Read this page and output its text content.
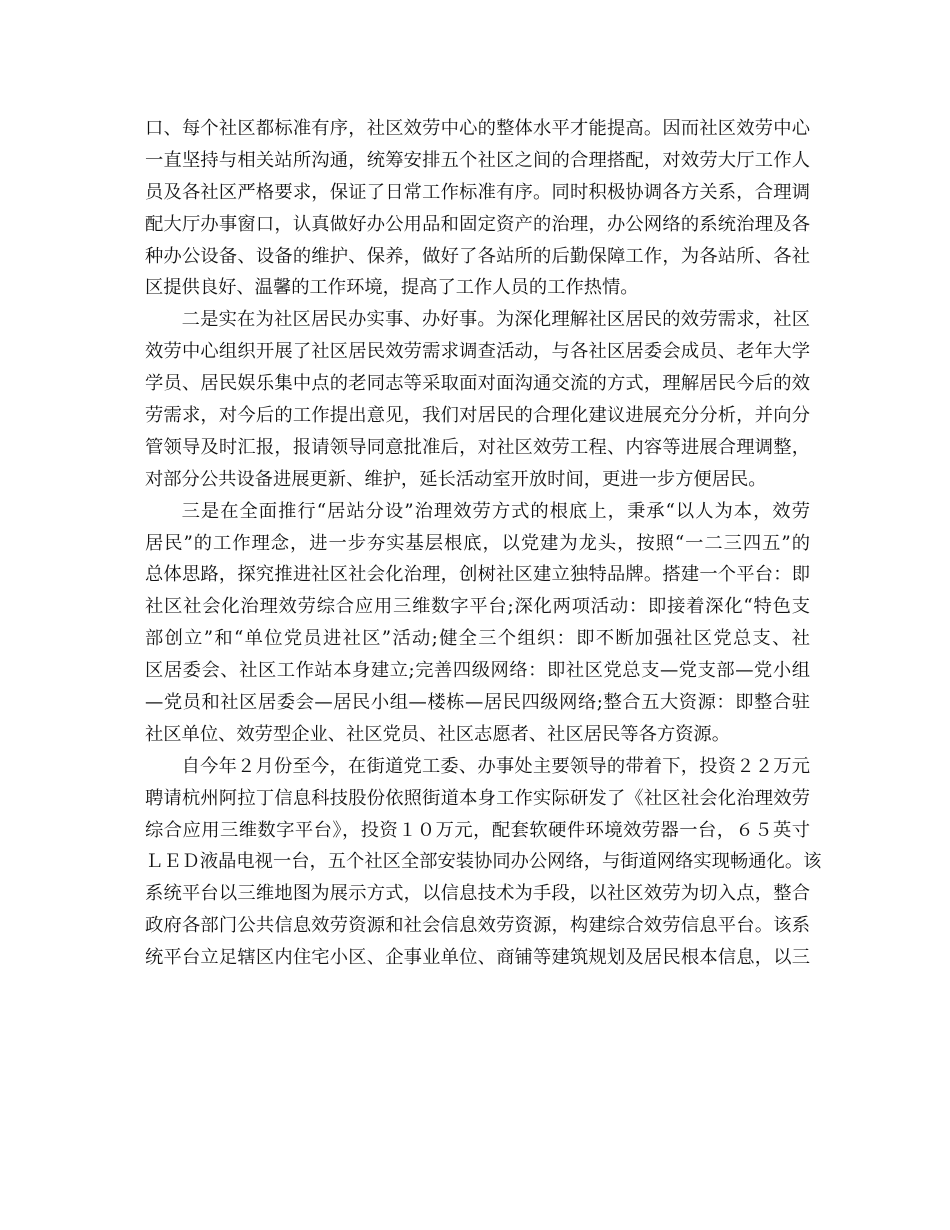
口、每个社区都标准有序，社区效劳中心的整体水平才能提高。因而社区效劳中心
一直坚持与相关站所沟通，统筹安排五个社区之间的合理搭配，对效劳大厅工作人
员及各社区严格要求，保证了日常工作标准有序。同时积极协调各方关系，合理调
配大厅办事窗口，认真做好办公用品和固定资产的治理，办公网络的系统治理及各
种办公设备、设备的维护、保养，做好了各站所的后勤保障工作，为各站所、各社
区提供良好、温馨的工作环境，提高了工作人员的工作热情。
二是实在为社区居民办实事、办好事。为深化理解社区居民的效劳需求，社区
效劳中心组织开展了社区居民效劳需求调查活动，与各社区居委会成员、老年大学
学员、居民娱乐集中点的老同志等采取面对面沟通交流的方式，理解居民今后的效
劳需求，对今后的工作提出意见，我们对居民的合理化建议进展充分分析，并向分
管领导及时汇报，报请领导同意批准后，对社区效劳工程、内容等进展合理调整，
对部分公共设备进展更新、维护，延长活动室开放时间，更进一步方便居民。
三是在全面推行“居站分设”治理效劳方式的根底上，秉承“以人为本，效劳
居民”的工作理念，进一步夯实基层根底，以党建为龙头，按照“一二三四五”的
总体思路，探究推进社区社会化治理，创树社区建立独特品牌。搭建一个平台：即
社区社会化治理效劳综合应用三维数字平台;深化两项活动：即接着深化“特色支
部创立”和“单位党员进社区”活动;健全三个组织：即不断加强社区党总支、社
区居委会、社区工作站本身建立;完善四级网络：即社区党总支—党支部—党小组
—党员和社区居委会—居民小组—楼栋—居民四级网络;整合五大资源：即整合驻
社区单位、效劳型企业、社区党员、社区志愿者、社区居民等各方资源。
自今年２月份至今，在街道党工委、办事处主要领导的带着下，投资２２万元
聘请杭州阿拉丁信息科技股份依照街道本身工作实际研发了《社区社会化治理效劳
综合应用三维数字平台》，投资１０万元，配套软硬件环境效劳器一台，６５英寸
ＬＥＤ液晶电视一台，五个社区全部安装协同办公网络，与街道网络实现畅通化。该
系统平台以三维地图为展示方式，以信息技术为手段，以社区效劳为切入点，整合
政府各部门公共信息效劳资源和社会信息效劳资源，构建综合效劳信息平台。该系
统平台立足辖区内住宅小区、企事业单位、商铺等建筑规划及居民根本信息，以三
